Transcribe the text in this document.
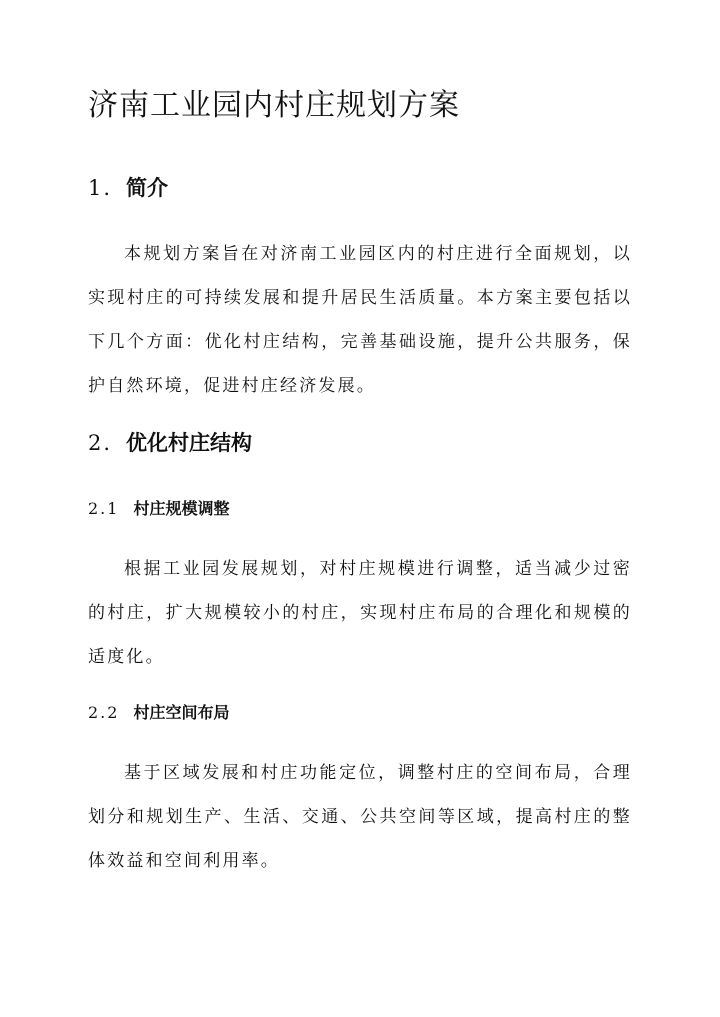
济南工业园内村庄规划方案
1. 简介
本规划方案旨在对济南工业园区内的村庄进行全面规划，以实现村庄的可持续发展和提升居民生活质量。本方案主要包括以下几个方面：优化村庄结构，完善基础设施，提升公共服务，保护自然环境，促进村庄经济发展。
2. 优化村庄结构
2.1 村庄规模调整
根据工业园发展规划，对村庄规模进行调整，适当减少过密的村庄，扩大规模较小的村庄，实现村庄布局的合理化和规模的适度化。
2.2 村庄空间布局
基于区域发展和村庄功能定位，调整村庄的空间布局，合理划分和规划生产、生活、交通、公共空间等区域，提高村庄的整体效益和空间利用率。
